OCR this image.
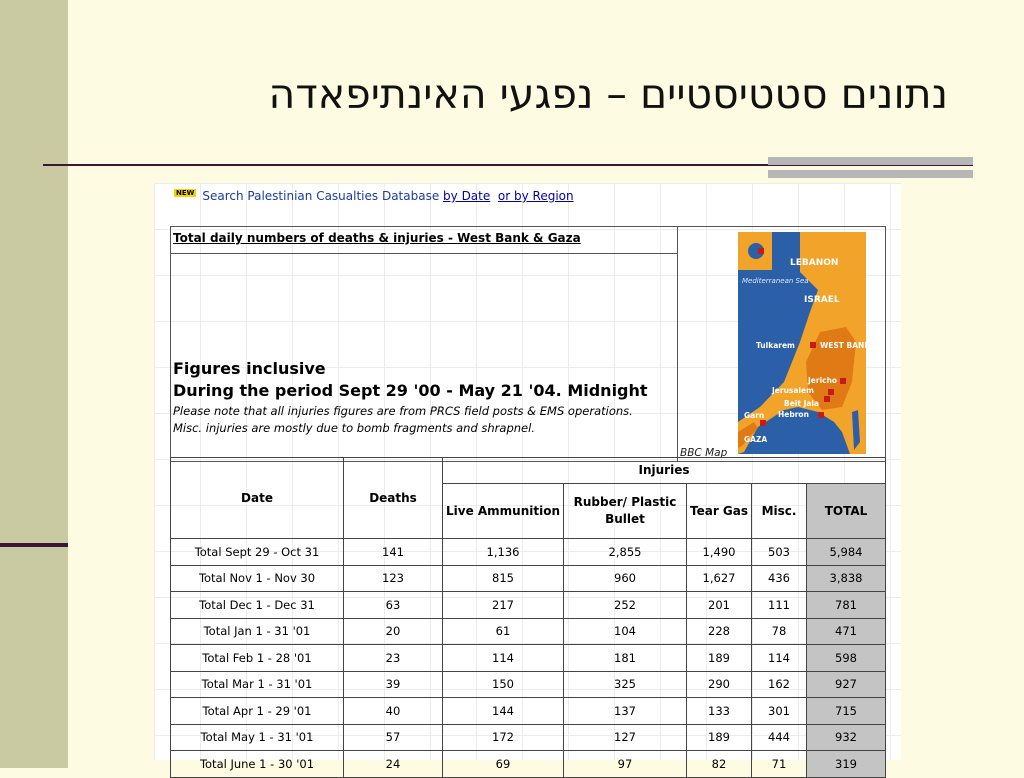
נתונים סטטיסטיים – נפגעי האינתיפאדה
NEW Search Palestinian Casualties Database by Date or by Region
Total daily numbers of deaths & injuries - West Bank & Gaza	
LEBANON
Mediterranean Sea
ISRAEL
WEST BANK
Tulkarem
Jericho
Jerusalem
Beit Jala
Hebron
Garn
GAZA
BBC Map

Figures inclusive
During the period Sept 29 '00 - May 21 '04. Midnight
Please note that all injuries figures are from PRCS field posts & EMS operations.
Misc. injuries are mostly due to bomb fragments and shrapnel.
Date	Deaths	Injuries				
		Live Ammunition	Rubber/ Plastic Bullet	Tear Gas	Misc.	TOTAL
Total Sept 29 - Oct 31	141	1,136	2,855	1,490	503	5,984
Total Nov 1 - Nov 30	123	815	960	1,627	436	3,838
Total Dec 1 - Dec 31	63	217	252	201	111	781
Total Jan 1 - 31 '01	20	61	104	228	78	471
Total Feb 1 - 28 '01	23	114	181	189	114	598
Total Mar 1 - 31 '01	39	150	325	290	162	927
Total Apr 1 - 29 '01	40	144	137	133	301	715
Total May 1 - 31 '01	57	172	127	189	444	932
Total June 1 - 30 '01	24	69	97	82	71	319
